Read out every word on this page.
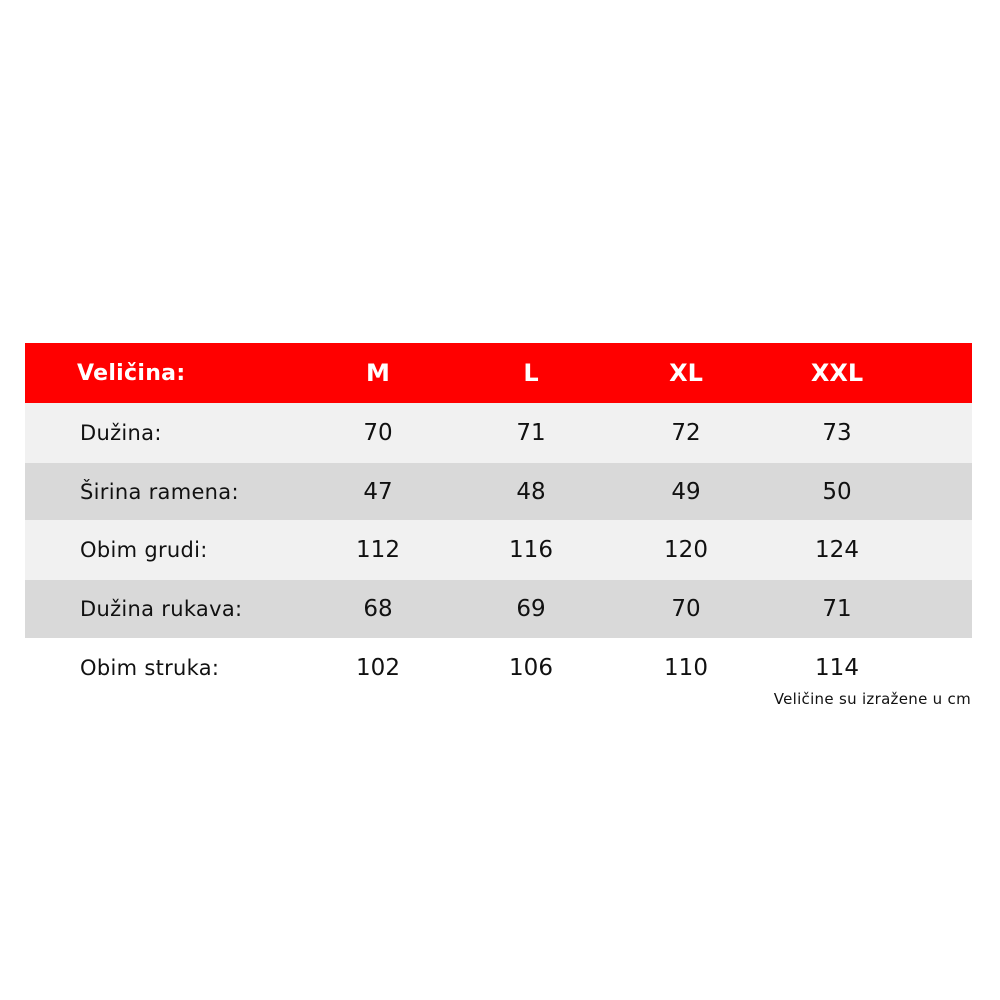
Veličina:	M	L	XL	XXL
Dužina:	70	71	72	73
Širina ramena:	47	48	49	50
Obim grudi:	112	116	120	124
Dužina rukava:	68	69	70	71
Obim struka:	102	106	110	114
Veličine su izražene u cm
